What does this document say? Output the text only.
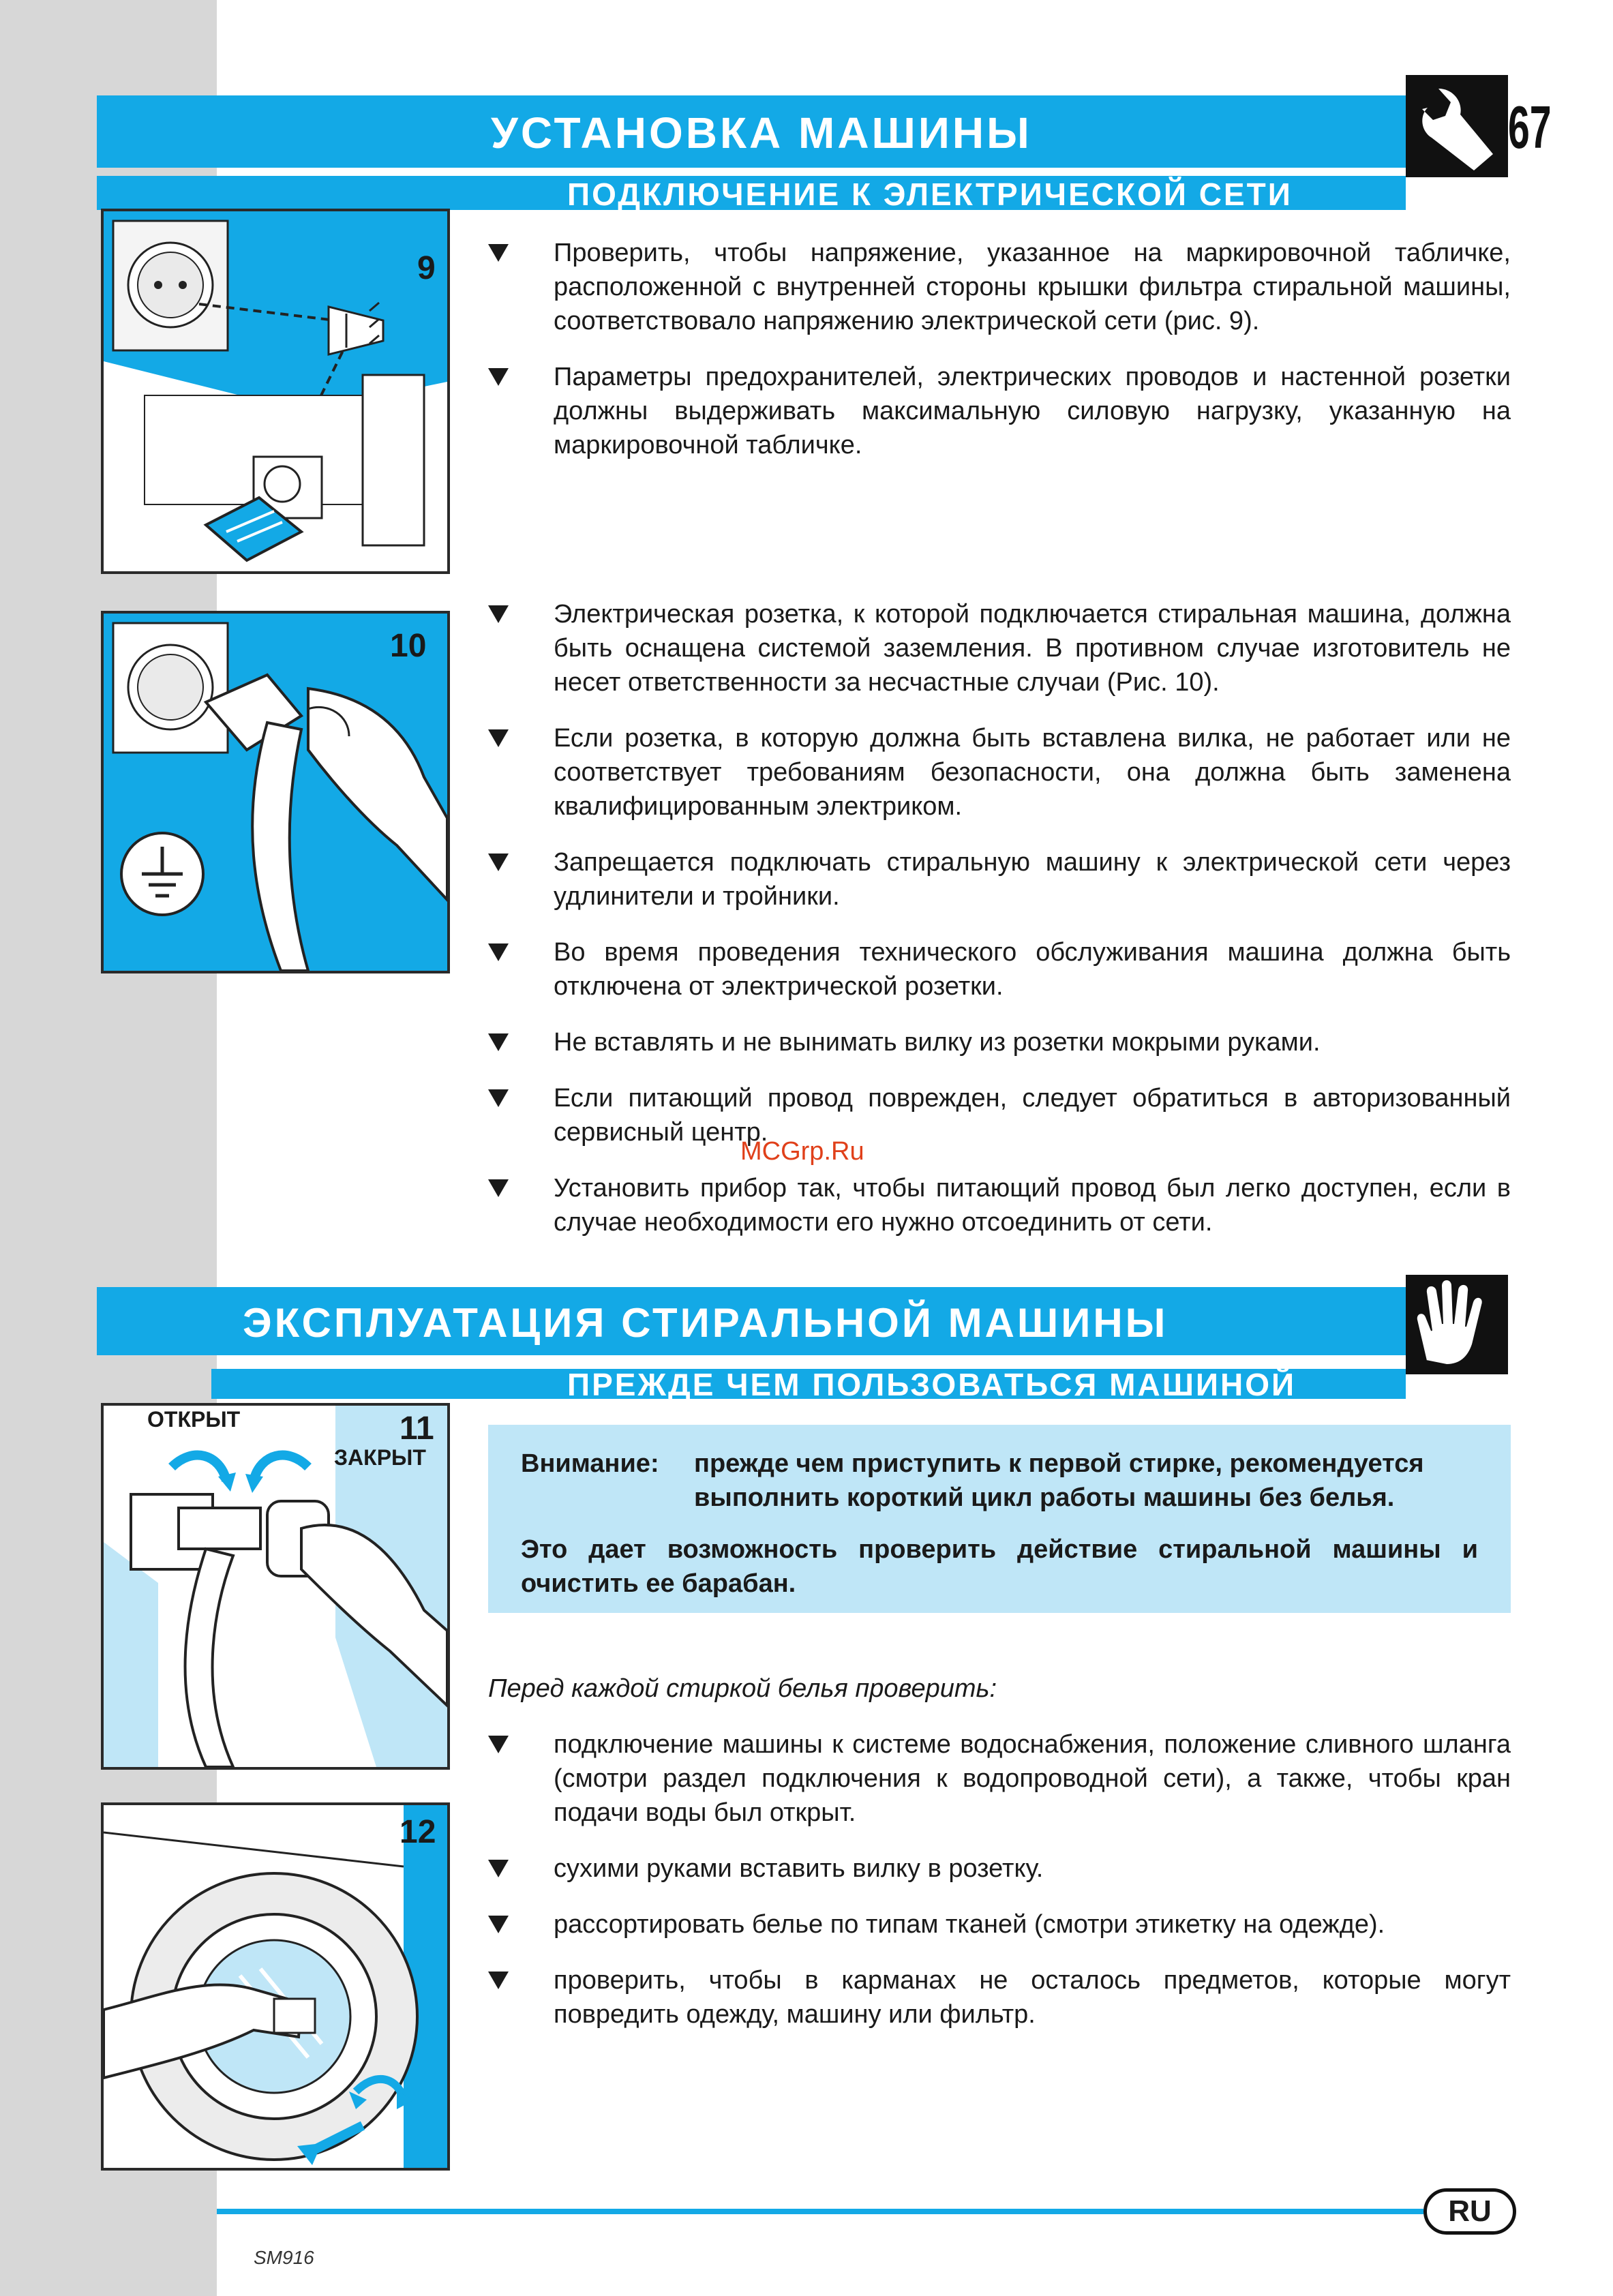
УСТАНОВКА МАШИНЫ	67
ПОДКЛЮЧЕНИЕ К ЭЛЕКТРИЧЕСКОЙ СЕТИ
9	Проверить, чтобы напряжение, указанное на маркировочной табличке, расположенной с внутренней стороны крышки фильтра стиральной машины, соответствовало напряжению электрической сети (рис. 9).
Параметры предохранителей, электрических проводов и настенной розетки должны выдерживать максимальную силовую нагрузку, указанную на маркировочной табличке.
10
Электрическая розетка, к которой подключается стиральная машина, должна быть оснащена системой заземления. В противном случае изготовитель не несет ответственности за несчастные случаи (Рис. 10).
Если розетка, в которую должна быть вставлена вилка, не работает или не соответствует требованиям безопасности, она должна быть заменена квалифицированным электриком.
Запрещается подключать стиральную машину к электрической сети через удлинители и тройники.
Во время проведения технического обслуживания машина должна быть отключена от электрической розетки.
Не вставлять и не вынимать вилку из розетки мокрыми руками.
Если питающий провод поврежден, следует обратиться в авторизованный сервисный центр.
Установить прибор так, чтобы питающий провод был легко доступен, если в случае необходимости его нужно отсоединить от сети.
MCGrp.Ru
ЭКСПЛУАТАЦИЯ СТИРАЛЬНОЙ МАШИНЫ
ПРЕЖДЕ ЧЕМ ПОЛЬЗОВАТЬСЯ МАШИНОЙ
11
ОТКРЫТ
ЗАКРЫТ	Внимание:	прежде чем приступить к первой стирке, рекомендуется выполнить короткий цикл работы машины без белья.

Это дает возможность проверить действие стиральной машины и очистить ее барабан.

Перед каждой стиркой белья проверить:
12
подключение машины к системе водоснабжения, положение сливного шланга (смотри раздел подключения к водопроводной сети), а также, чтобы кран подачи воды был открыт.
сухими руками вставить вилку в розетку.
рассортировать белье по типам тканей (смотри этикетку на одежде).
проверить, чтобы в карманах не осталось предметов, которые могут повредить одежду, машину или фильтр.
RU
SM916
